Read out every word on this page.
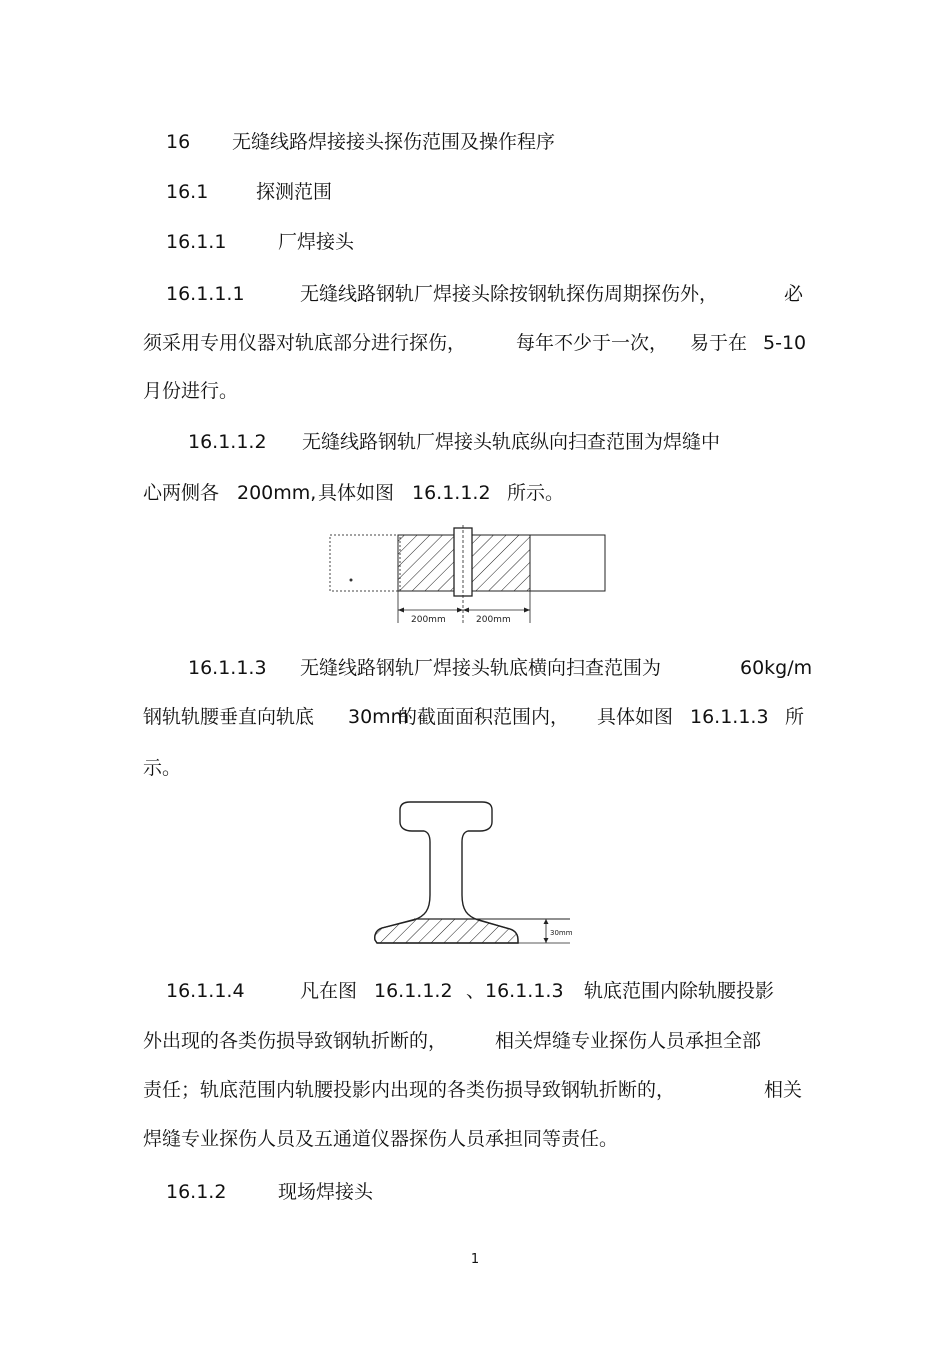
16 无缝线路焊接接头探伤范围及操作程序
16.1	探测范围
16.1.1	厂焊接头
16.1.1.1	无缝线路钢轨厂焊接头除按钢轨探伤周期探伤外，	必
须采用专用仪器对轨底部分进行探伤，	每年不少于一次， 易于在 5-10
月份进行。
16.1.1.2 无缝线路钢轨厂焊接头轨底纵向扫查范围为焊缝中
心两侧各 200mm, 具体如图 16.1.1.2 所示。
200mm	200mm
16.1.1.3 无缝线路钢轨厂焊接头轨底横向扫查范围为	60kg/m
钢轨轨腰垂直向轨底 30mm
的截面面积范围内， 具体如图 16.1.1.3 所
示。
30mm
16.1.1.4	凡在图 16.1.1.2 、16.1.1.3 轨底范围内除轨腰投影
外出现的各类伤损导致钢轨折断的，	相关焊缝专业探伤人员承担全部
责任；轨底范围内轨腰投影内出现的各类伤损导致钢轨折断的，	相关
焊缝专业探伤人员及五通道仪器探伤人员承担同等责任。
16.1.2	现场焊接头
1
